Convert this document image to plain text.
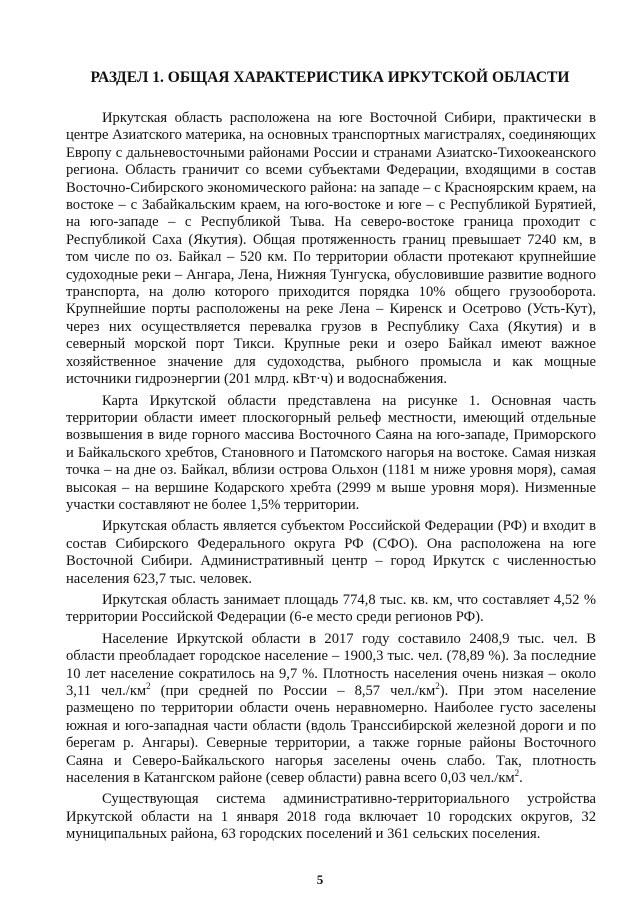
РАЗДЕЛ 1. ОБЩАЯ ХАРАКТЕРИСТИКА ИРКУТСКОЙ ОБЛАСТИ

Иркутская область расположена на юге Восточной Сибири, практически в центре Азиатского материка, на основных транспортных магистралях, соединяющих Европу с дальневосточными районами России и странами Азиатско-Тихоокеанского региона. Область граничит со всеми субъектами Федерации, входящими в состав Восточно-Сибирского экономического района: на западе – с Красноярским краем, на востоке – с Забайкальским краем, на юго-востоке и юге – с Республикой Бурятией, на юго-западе – с Республикой Тыва. На северо-востоке граница проходит с Республикой Саха (Якутия). Общая протяженность границ превышает 7240 км, в том числе по оз. Байкал – 520 км. По территории области протекают крупнейшие судоходные реки – Ангара, Лена, Нижняя Тунгуска, обусловившие развитие водного транспорта, на долю которого приходится порядка 10% общего грузооборота. Крупнейшие порты расположены на реке Лена – Киренск и Осетрово (Усть-Кут), через них осуществляется перевалка грузов в Республику Саха (Якутия) и в северный морской порт Тикси. Крупные реки и озеро Байкал имеют важное хозяйственное значение для судоходства, рыбного промысла и как мощные источники гидроэнергии (201 млрд. кВт·ч) и водоснабжения.

Карта Иркутской области представлена на рисунке 1. Основная часть территории области имеет плоскогорный рельеф местности, имеющий отдельные возвышения в виде горного массива Восточного Саяна на юго-западе, Приморского и Байкальского хребтов, Становного и Патомского нагорья на востоке. Самая низкая точка – на дне оз. Байкал, вблизи острова Ольхон (1181 м ниже уровня моря), самая высокая – на вершине Кодарского хребта (2999 м выше уровня моря). Низменные участки составляют не более 1,5% территории.

Иркутская область является субъектом Российской Федерации (РФ) и входит в состав Сибирского Федерального округа РФ (СФО). Она расположена на юге Восточной Сибири. Административный центр – город Иркутск с численностью населения 623,7 тыс. человек.

Иркутская область занимает площадь 774,8 тыс. кв. км, что составляет 4,52 % территории Российской Федерации (6-е место среди регионов РФ).

Население Иркутской области в 2017 году составило 2408,9 тыс. чел. В области преобладает городское население – 1900,3 тыс. чел. (78,89 %). За последние 10 лет население сократилось на 9,7 %. Плотность населения очень низкая – около 3,11 $чел./км^2$ (при средней по России – 8,57 $чел./км^2$). При этом население размещено по территории области очень неравномерно. Наиболее густо заселены южная и юго-западная части области (вдоль Транссибирской железной дороги и по берегам р. Ангары). Северные территории, а также горные районы Восточного Саяна и Северо-Байкальского нагорья заселены очень слабо. Так, плотность населения в Катангском районе (север области) равна всего 0,03 $чел./км^2$.

Существующая система административно-территориального устройства Иркутской области на 1 января 2018 года включает 10 городских округов, 32 муниципальных района, 63 городских поселений и 361 сельских поселения.

5
